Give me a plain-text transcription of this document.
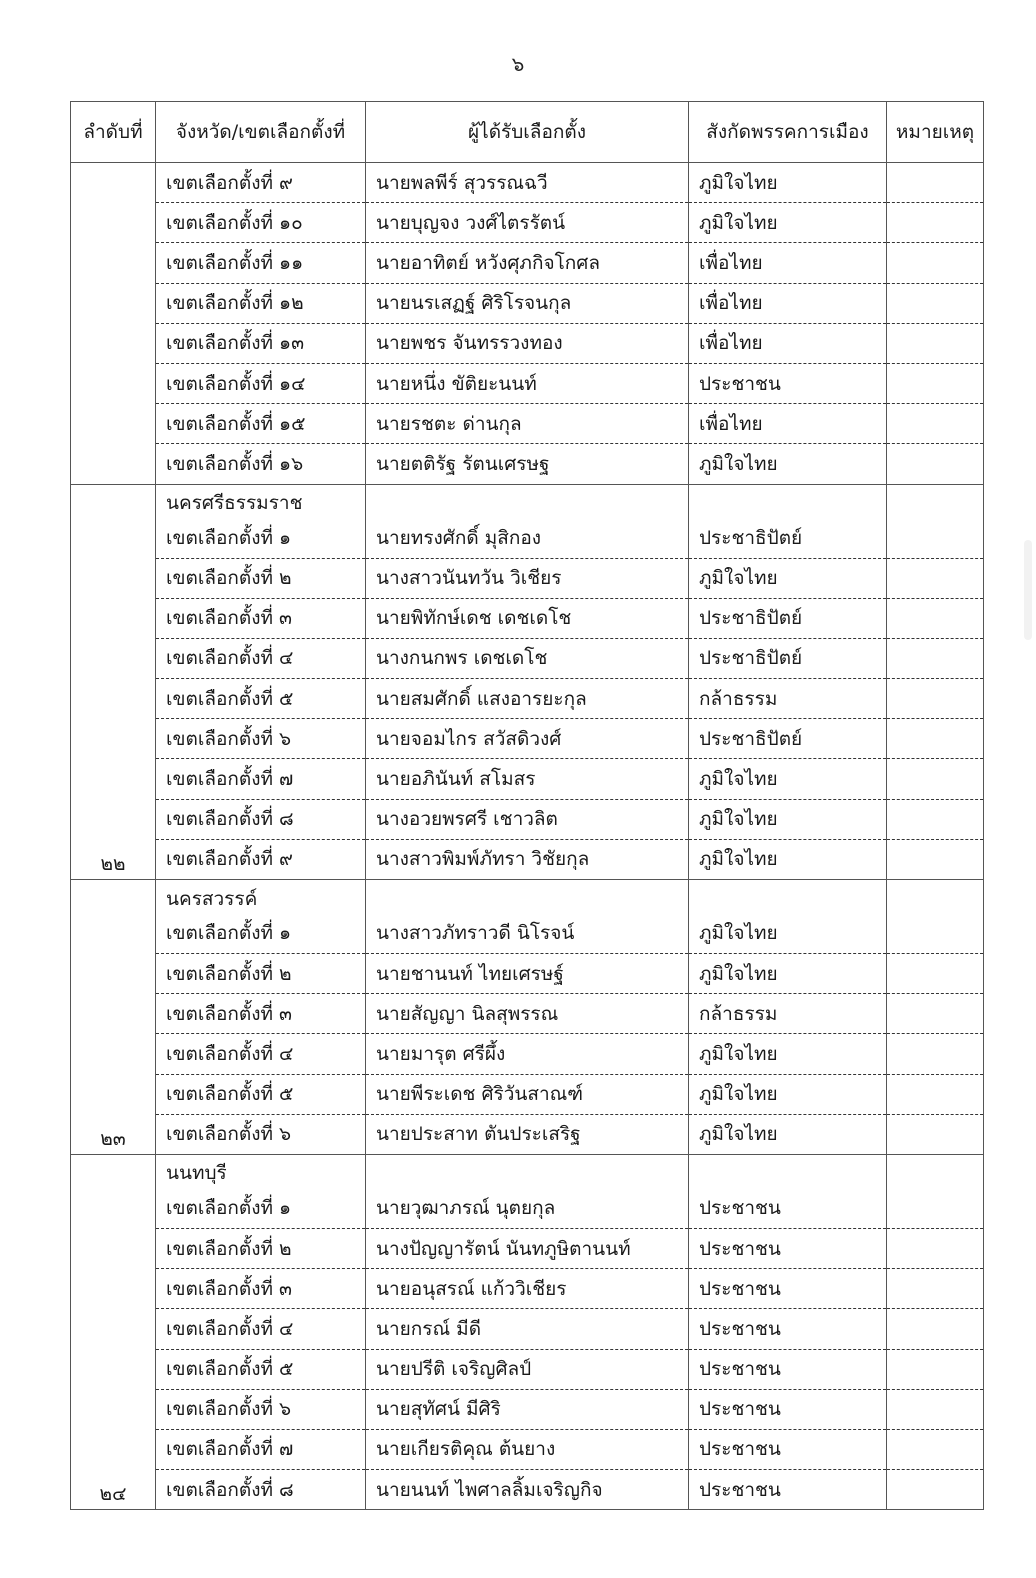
๖
ลำดับที่	จังหวัด/เขตเลือกตั้งที่	ผู้ได้รับเลือกตั้ง	สังกัดพรรคการเมือง	หมายเหตุ
	เขตเลือกตั้งที่ ๙	นายพลพีร์ สุวรรณฉวี	ภูมิใจไทย	
	เขตเลือกตั้งที่ ๑๐	นายบุญจง วงศ์ไตรรัตน์	ภูมิใจไทย	
	เขตเลือกตั้งที่ ๑๑	นายอาทิตย์ หวังศุภกิจโกศล	เพื่อไทย	
	เขตเลือกตั้งที่ ๑๒	นายนรเสฏฐ์ ศิริโรจนกุล	เพื่อไทย	
	เขตเลือกตั้งที่ ๑๓	นายพชร จันทรรวงทอง	เพื่อไทย	
	เขตเลือกตั้งที่ ๑๔	นายหนึ่ง ขัติยะนนท์	ประชาชน	
	เขตเลือกตั้งที่ ๑๕	นายรชตะ ด่านกุล	เพื่อไทย	
	เขตเลือกตั้งที่ ๑๖	นายตติรัฐ รัตนเศรษฐ	ภูมิใจไทย	
๒๒	นครศรีธรรมราช			
	เขตเลือกตั้งที่ ๑	นายทรงศักดิ์ มุสิกอง	ประชาธิปัตย์	
	เขตเลือกตั้งที่ ๒	นางสาวนันทวัน วิเชียร	ภูมิใจไทย	
	เขตเลือกตั้งที่ ๓	นายพิทักษ์เดช เดชเดโช	ประชาธิปัตย์	
	เขตเลือกตั้งที่ ๔	นางกนกพร เดชเดโช	ประชาธิปัตย์	
	เขตเลือกตั้งที่ ๕	นายสมศักดิ์ แสงอารยะกุล	กล้าธรรม	
	เขตเลือกตั้งที่ ๖	นายจอมไกร สวัสดิวงศ์	ประชาธิปัตย์	
	เขตเลือกตั้งที่ ๗	นายอภินันท์ สโมสร	ภูมิใจไทย	
	เขตเลือกตั้งที่ ๘	นางอวยพรศรี เชาวลิต	ภูมิใจไทย	
	เขตเลือกตั้งที่ ๙	นางสาวพิมพ์ภัทรา วิชัยกุล	ภูมิใจไทย	
๒๓	นครสวรรค์			
	เขตเลือกตั้งที่ ๑	นางสาวภัทราวดี นิโรจน์	ภูมิใจไทย	
	เขตเลือกตั้งที่ ๒	นายชานนท์ ไทยเศรษฐ์	ภูมิใจไทย	
	เขตเลือกตั้งที่ ๓	นายสัญญา นิลสุพรรณ	กล้าธรรม	
	เขตเลือกตั้งที่ ๔	นายมารุต ศรีผึ้ง	ภูมิใจไทย	
	เขตเลือกตั้งที่ ๕	นายพีระเดช ศิริวันสาณฑ์	ภูมิใจไทย	
	เขตเลือกตั้งที่ ๖	นายประสาท ตันประเสริฐ	ภูมิใจไทย	
๒๔	นนทบุรี			
	เขตเลือกตั้งที่ ๑	นายวุฒาภรณ์ นุตยกุล	ประชาชน	
	เขตเลือกตั้งที่ ๒	นางปัญญารัตน์ นันทภูษิตานนท์	ประชาชน	
	เขตเลือกตั้งที่ ๓	นายอนุสรณ์ แก้ววิเชียร	ประชาชน	
	เขตเลือกตั้งที่ ๔	นายกรณ์ มีดี	ประชาชน	
	เขตเลือกตั้งที่ ๕	นายปรีติ เจริญศิลป์	ประชาชน	
	เขตเลือกตั้งที่ ๖	นายสุทัศน์ มีศิริ	ประชาชน	
	เขตเลือกตั้งที่ ๗	นายเกียรติคุณ ต้นยาง	ประชาชน	
	เขตเลือกตั้งที่ ๘	นายนนท์ ไพศาลลิ้มเจริญกิจ	ประชาชน	
